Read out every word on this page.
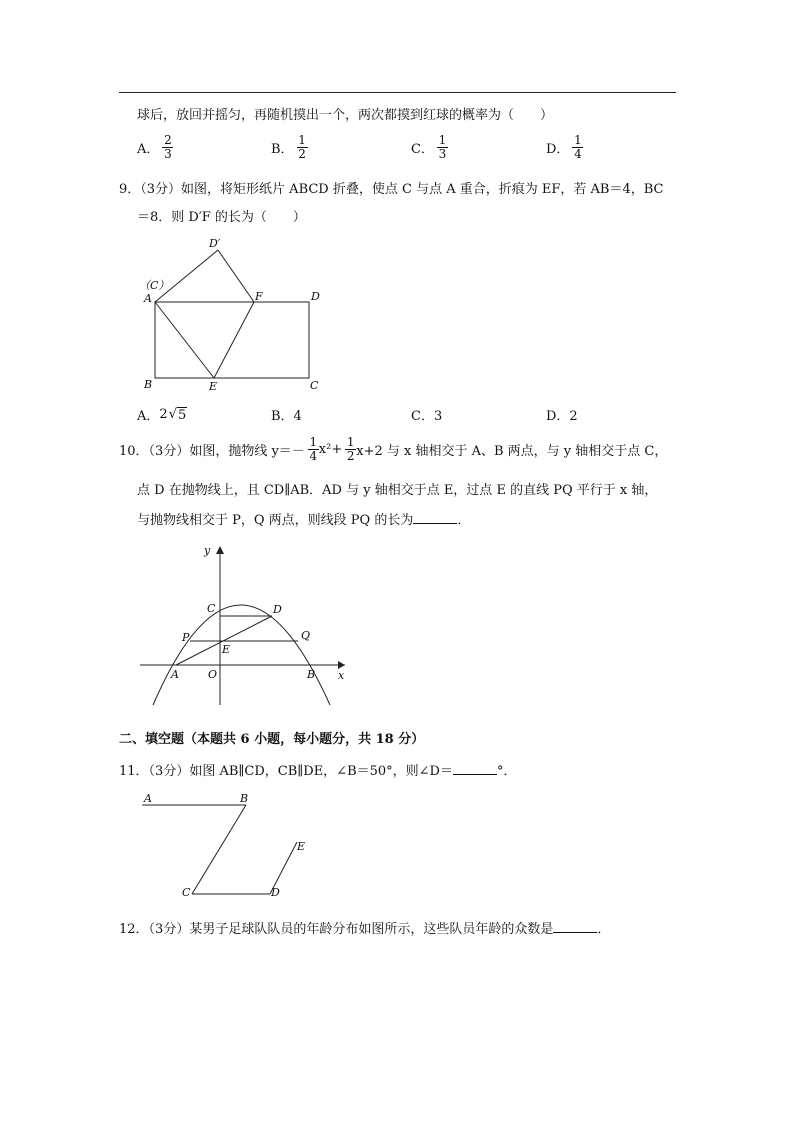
球后，放回并摇匀，再随机摸出一个，两次都摸到红球的概率为（　　）
A． $\frac{2}{3}$	B． $\frac{1}{2}$	C． $\frac{1}{3}$	D． $\frac{1}{4}$
9．（3分）如图，将矩形纸片 ABCD 折叠，使点 C 与点 A 重合，折痕为 EF，若 AB＝4，BC
＝8．则 D′F 的长为（　　）
D′
（C）
A	F	D
B	E	C
A． 2 √ 5	B．4	C．3	D．2
10．（3分）如图，抛物线 $y=- \frac{1}{4} x^2+ \frac{1}{2} x+2$ 与 x 轴相交于 A、B 两点，与 y 轴相交于点 C，
点 D 在抛物线上，且 CD∥AB．AD 与 y 轴相交于点 E，过点 E 的直线 PQ 平行于 x 轴，
与抛物线相交于 P，Q 两点，则线段 PQ 的长为	．
y
x
C	D
P	Q
E
A	O	B
二、填空题（本题共 6 小题，每小题分，共 18 分）
11．（3分）如图 AB∥CD，CB∥DE，∠B＝50°，则∠D＝	°．
A	B
C	D
E
12．（3分）某男子足球队队员的年龄分布如图所示，这些队员年龄的众数是	．
